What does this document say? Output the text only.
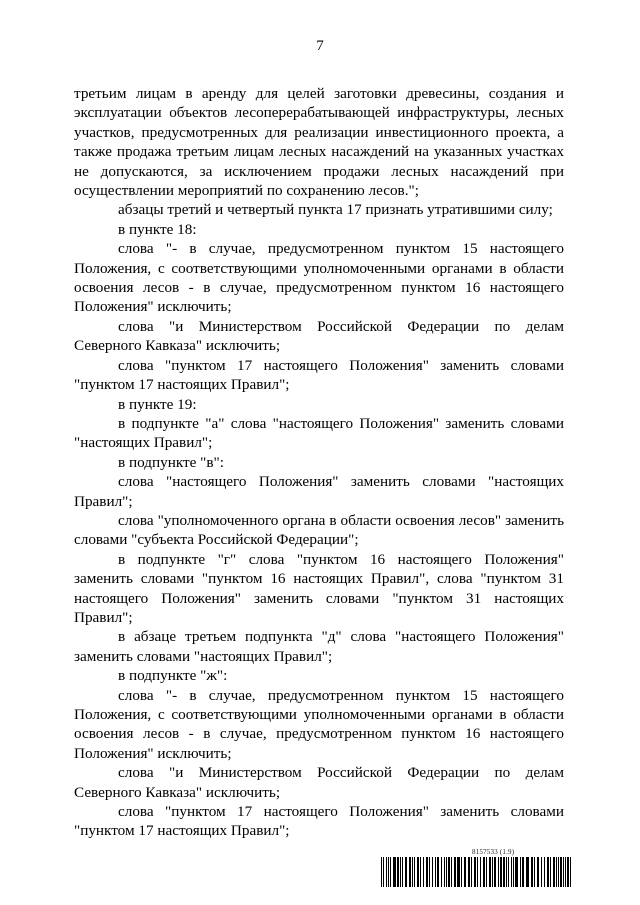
7

третьим лицам в аренду для целей заготовки древесины, создания и эксплуатации объектов лесоперерабатывающей инфраструктуры, лесных участков, предусмотренных для реализации инвестиционного проекта, а также продажа третьим лицам лесных насаждений на указанных участках не допускаются, за исключением продажи лесных насаждений при осуществлении мероприятий по сохранению лесов.";

абзацы третий и четвертый пункта 17 признать утратившими силу;

в пункте 18:

слова "- в случае, предусмотренном пунктом 15 настоящего Положения, с соответствующими уполномоченными органами в области освоения лесов - в случае, предусмотренном пунктом 16 настоящего Положения" исключить;

слова "и Министерством Российской Федерации по делам Северного Кавказа" исключить;

слова "пунктом 17 настоящего Положения" заменить словами "пунктом 17 настоящих Правил";

в пункте 19:

в подпункте "а" слова "настоящего Положения" заменить словами "настоящих Правил";

в подпункте "в":

слова "настоящего Положения" заменить словами "настоящих Правил";

слова "уполномоченного органа в области освоения лесов" заменить словами "субъекта Российской Федерации";

в подпункте "г" слова "пунктом 16 настоящего Положения" заменить словами "пунктом 16 настоящих Правил", слова "пунктом 31 настоящего Положения" заменить словами "пунктом 31 настоящих Правил";

в абзаце третьем подпункта "д" слова "настоящего Положения" заменить словами "настоящих Правил";

в подпункте "ж":

слова "- в случае, предусмотренном пунктом 15 настоящего Положения, с соответствующими уполномоченными органами в области освоения лесов - в случае, предусмотренном пунктом 16 настоящего Положения" исключить;

слова "и Министерством Российской Федерации по делам Северного Кавказа" исключить;

слова "пунктом 17 настоящего Положения" заменить словами "пунктом 17 настоящих Правил";

8157533 (1.9)
